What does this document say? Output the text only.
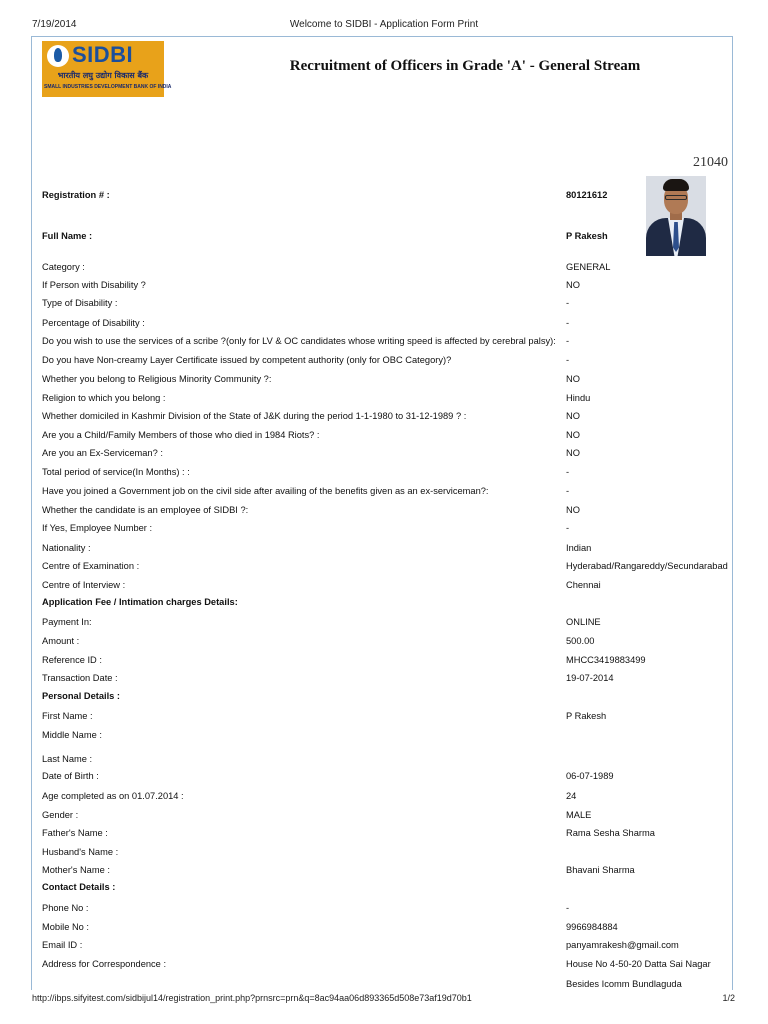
7/19/2014	Welcome to SIDBI - Application Form Print
SIDBI
भारतीय लघु उद्योग विकास बैंक
SMALL INDUSTRIES DEVELOPMENT BANK OF INDIA
Recruitment of Officers in Grade 'A' - General Stream
21040
Registration # :	80121612
Full Name :	P Rakesh
Category :	GENERAL
If Person with Disability ?	NO
Type of Disability :	-
Percentage of Disability :	-
Do you wish to use the services of a scribe ?(only for LV & OC candidates whose writing speed is affected by cerebral palsy): -
Do you have Non-creamy Layer Certificate issued by competent authority (only for OBC Category)?	-
Whether you belong to Religious Minority Community ?:	NO
Religion to which you belong :	Hindu
Whether domiciled in Kashmir Division of the State of J&K during the period 1-1-1980 to 31-12-1989 ? :	NO
Are you a Child/Family Members of those who died in 1984 Riots? :	NO
Are you an Ex-Serviceman? :	NO
Total period of service(In Months) : :	-
Have you joined a Government job on the civil side after availing of the benefits given as an ex-serviceman?:	-
Whether the candidate is an employee of SIDBI ?:	NO
If Yes, Employee Number :	-
Nationality :	Indian
Centre of Examination :	Hyderabad/Rangareddy/Secundarabad
Centre of Interview :	Chennai
Application Fee / Intimation charges Details:
Payment In:	ONLINE
Amount :	500.00
Reference ID :	MHCC3419883499
Transaction Date :	19-07-2014
Personal Details :
First Name :	P Rakesh
Middle Name :
Last Name :
Date of Birth :	06-07-1989
Age completed as on 01.07.2014 :	24
Gender :	MALE
Father's Name :	Rama Sesha Sharma
Husband's Name :
Mother's Name :	Bhavani Sharma
Contact Details :
Phone No :	-
Mobile No :	9966984884
Email ID :	panyamrakesh@gmail.com
Address for Correspondence :	House No 4-50-20 Datta Sai Nagar
Besides Icomm Bundlaguda
http://ibps.sifyitest.com/sidbijul14/registration_print.php?prnsrc=prn&q=8ac94aa06d893365d508e73af19d70b1	1/2
